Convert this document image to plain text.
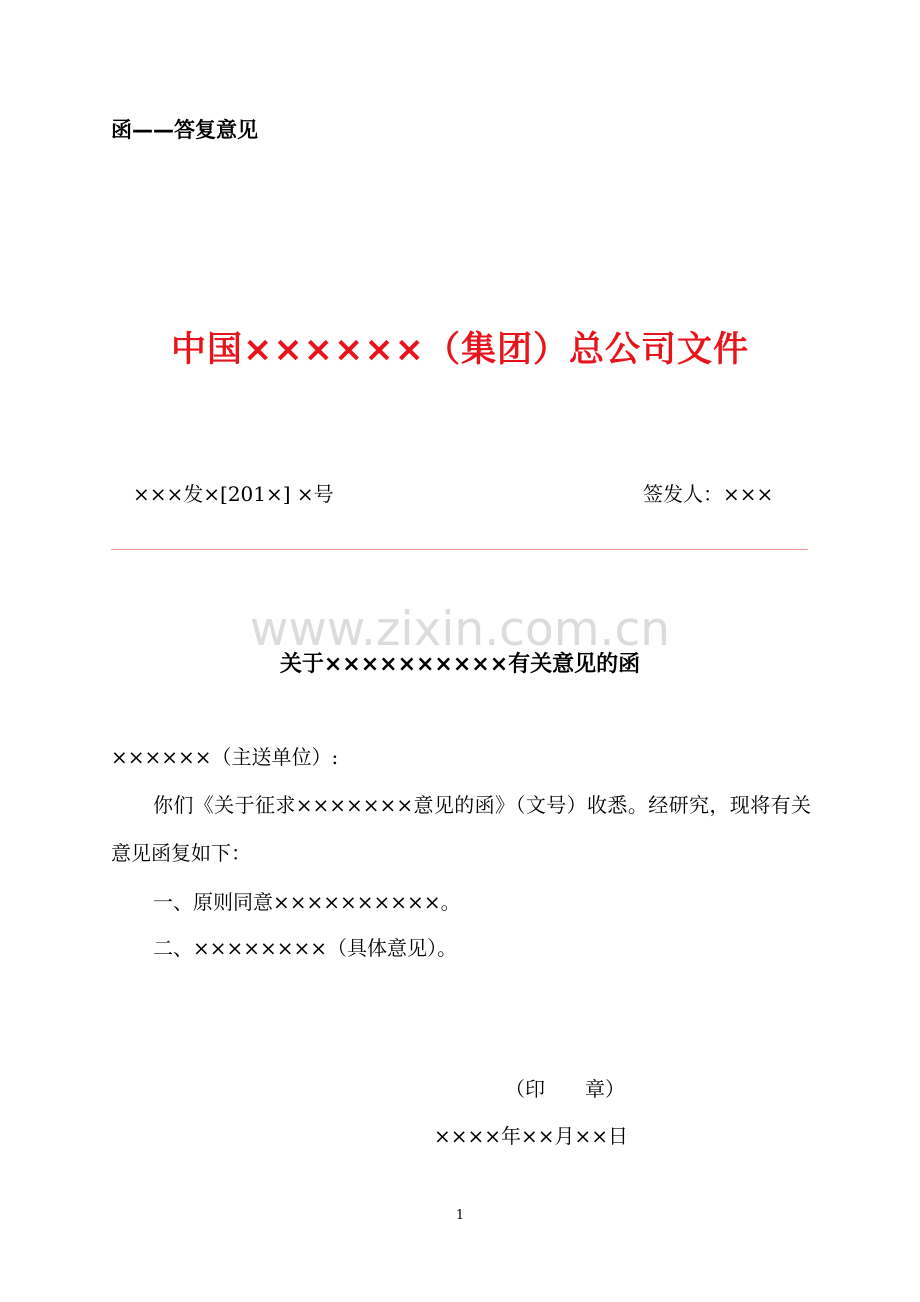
函——答复意见
中国××××××（集团）总公司文件
×××发×[201×] ×号	签发人：×××
www.zixin.com.cn
关于××××××××××有关意见的函
××××××（主送单位）:
你们《关于征求×××××××意见的函》（文号）收悉。经研究，现将有关意见函复如下：
一、原则同意××××××××××。
二、××××××××（具体意见）。
（印　　章）
××××年××月××日
1
